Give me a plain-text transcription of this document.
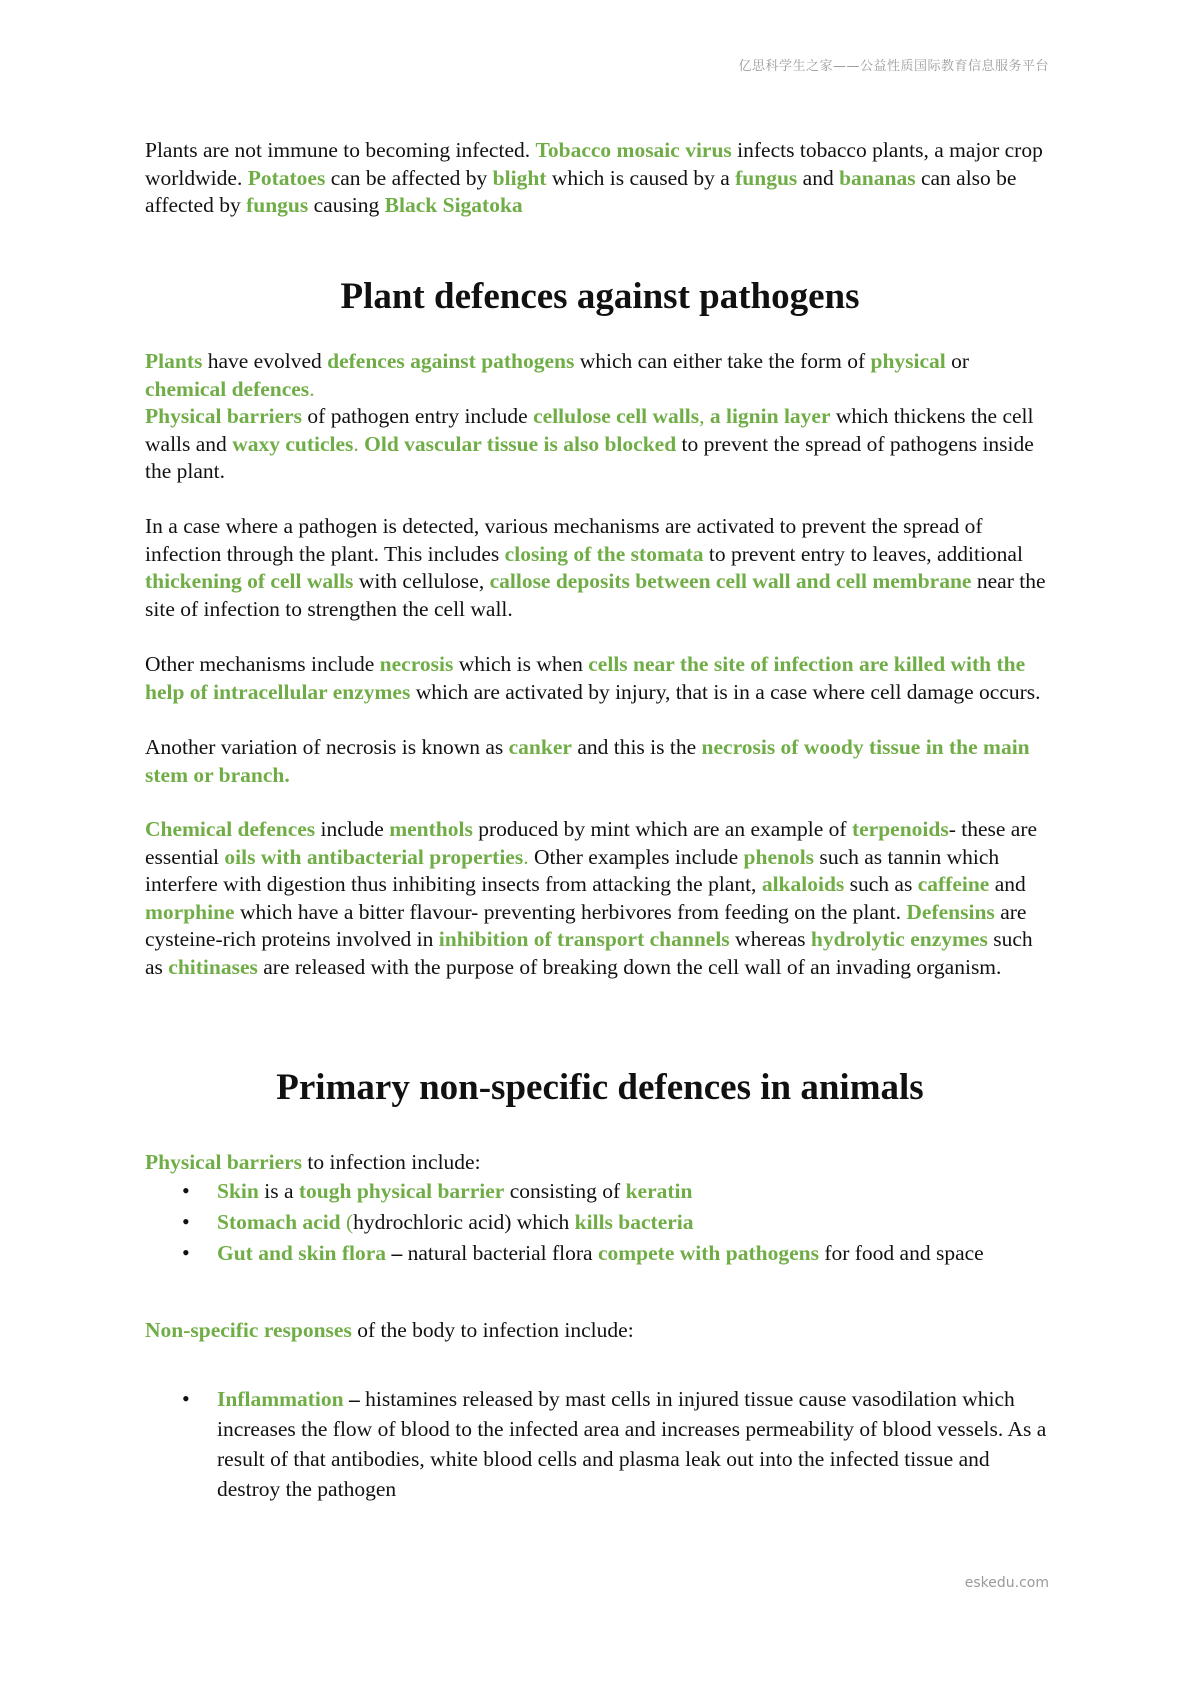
亿思科学生之家——公益性质国际教育信息服务平台

Plants are not immune to becoming infected. Tobacco mosaic virus infects tobacco plants, a major crop worldwide. Potatoes can be affected by blight which is caused by a fungus and bananas can also be affected by fungus causing Black Sigatoka

Plant defences against pathogens

Plants have evolved defences against pathogens which can either take the form of physical or chemical defences.

Physical barriers of pathogen entry include cellulose cell walls, a lignin layer which thickens the cell walls and waxy cuticles. Old vascular tissue is also blocked to prevent the spread of pathogens inside the plant.

In a case where a pathogen is detected, various mechanisms are activated to prevent the spread of infection through the plant. This includes closing of the stomata to prevent entry to leaves, additional thickening of cell walls with cellulose, callose deposits between cell wall and cell membrane near the site of infection to strengthen the cell wall.

Other mechanisms include necrosis which is when cells near the site of infection are killed with the help of intracellular enzymes which are activated by injury, that is in a case where cell damage occurs.

Another variation of necrosis is known as canker and this is the necrosis of woody tissue in the main stem or branch.

Chemical defences include menthols produced by mint which are an example of terpenoids- these are essential oils with antibacterial properties. Other examples include phenols such as tannin which interfere with digestion thus inhibiting insects from attacking the plant, alkaloids such as caffeine and morphine which have a bitter flavour- preventing herbivores from feeding on the plant. Defensins are cysteine-rich proteins involved in inhibition of transport channels whereas hydrolytic enzymes such as chitinases are released with the purpose of breaking down the cell wall of an invading organism.

Primary non-specific defences in animals

Physical barriers to infection include:

• Skin is a tough physical barrier consisting of keratin
• Stomach acid (hydrochloric acid) which kills bacteria
• Gut and skin flora – natural bacterial flora compete with pathogens for food and space

Non-specific responses of the body to infection include:

• Inflammation – histamines released by mast cells in injured tissue cause vasodilation which increases the flow of blood to the infected area and increases permeability of blood vessels. As a result of that antibodies, white blood cells and plasma leak out into the infected tissue and destroy the pathogen
eskedu.com
